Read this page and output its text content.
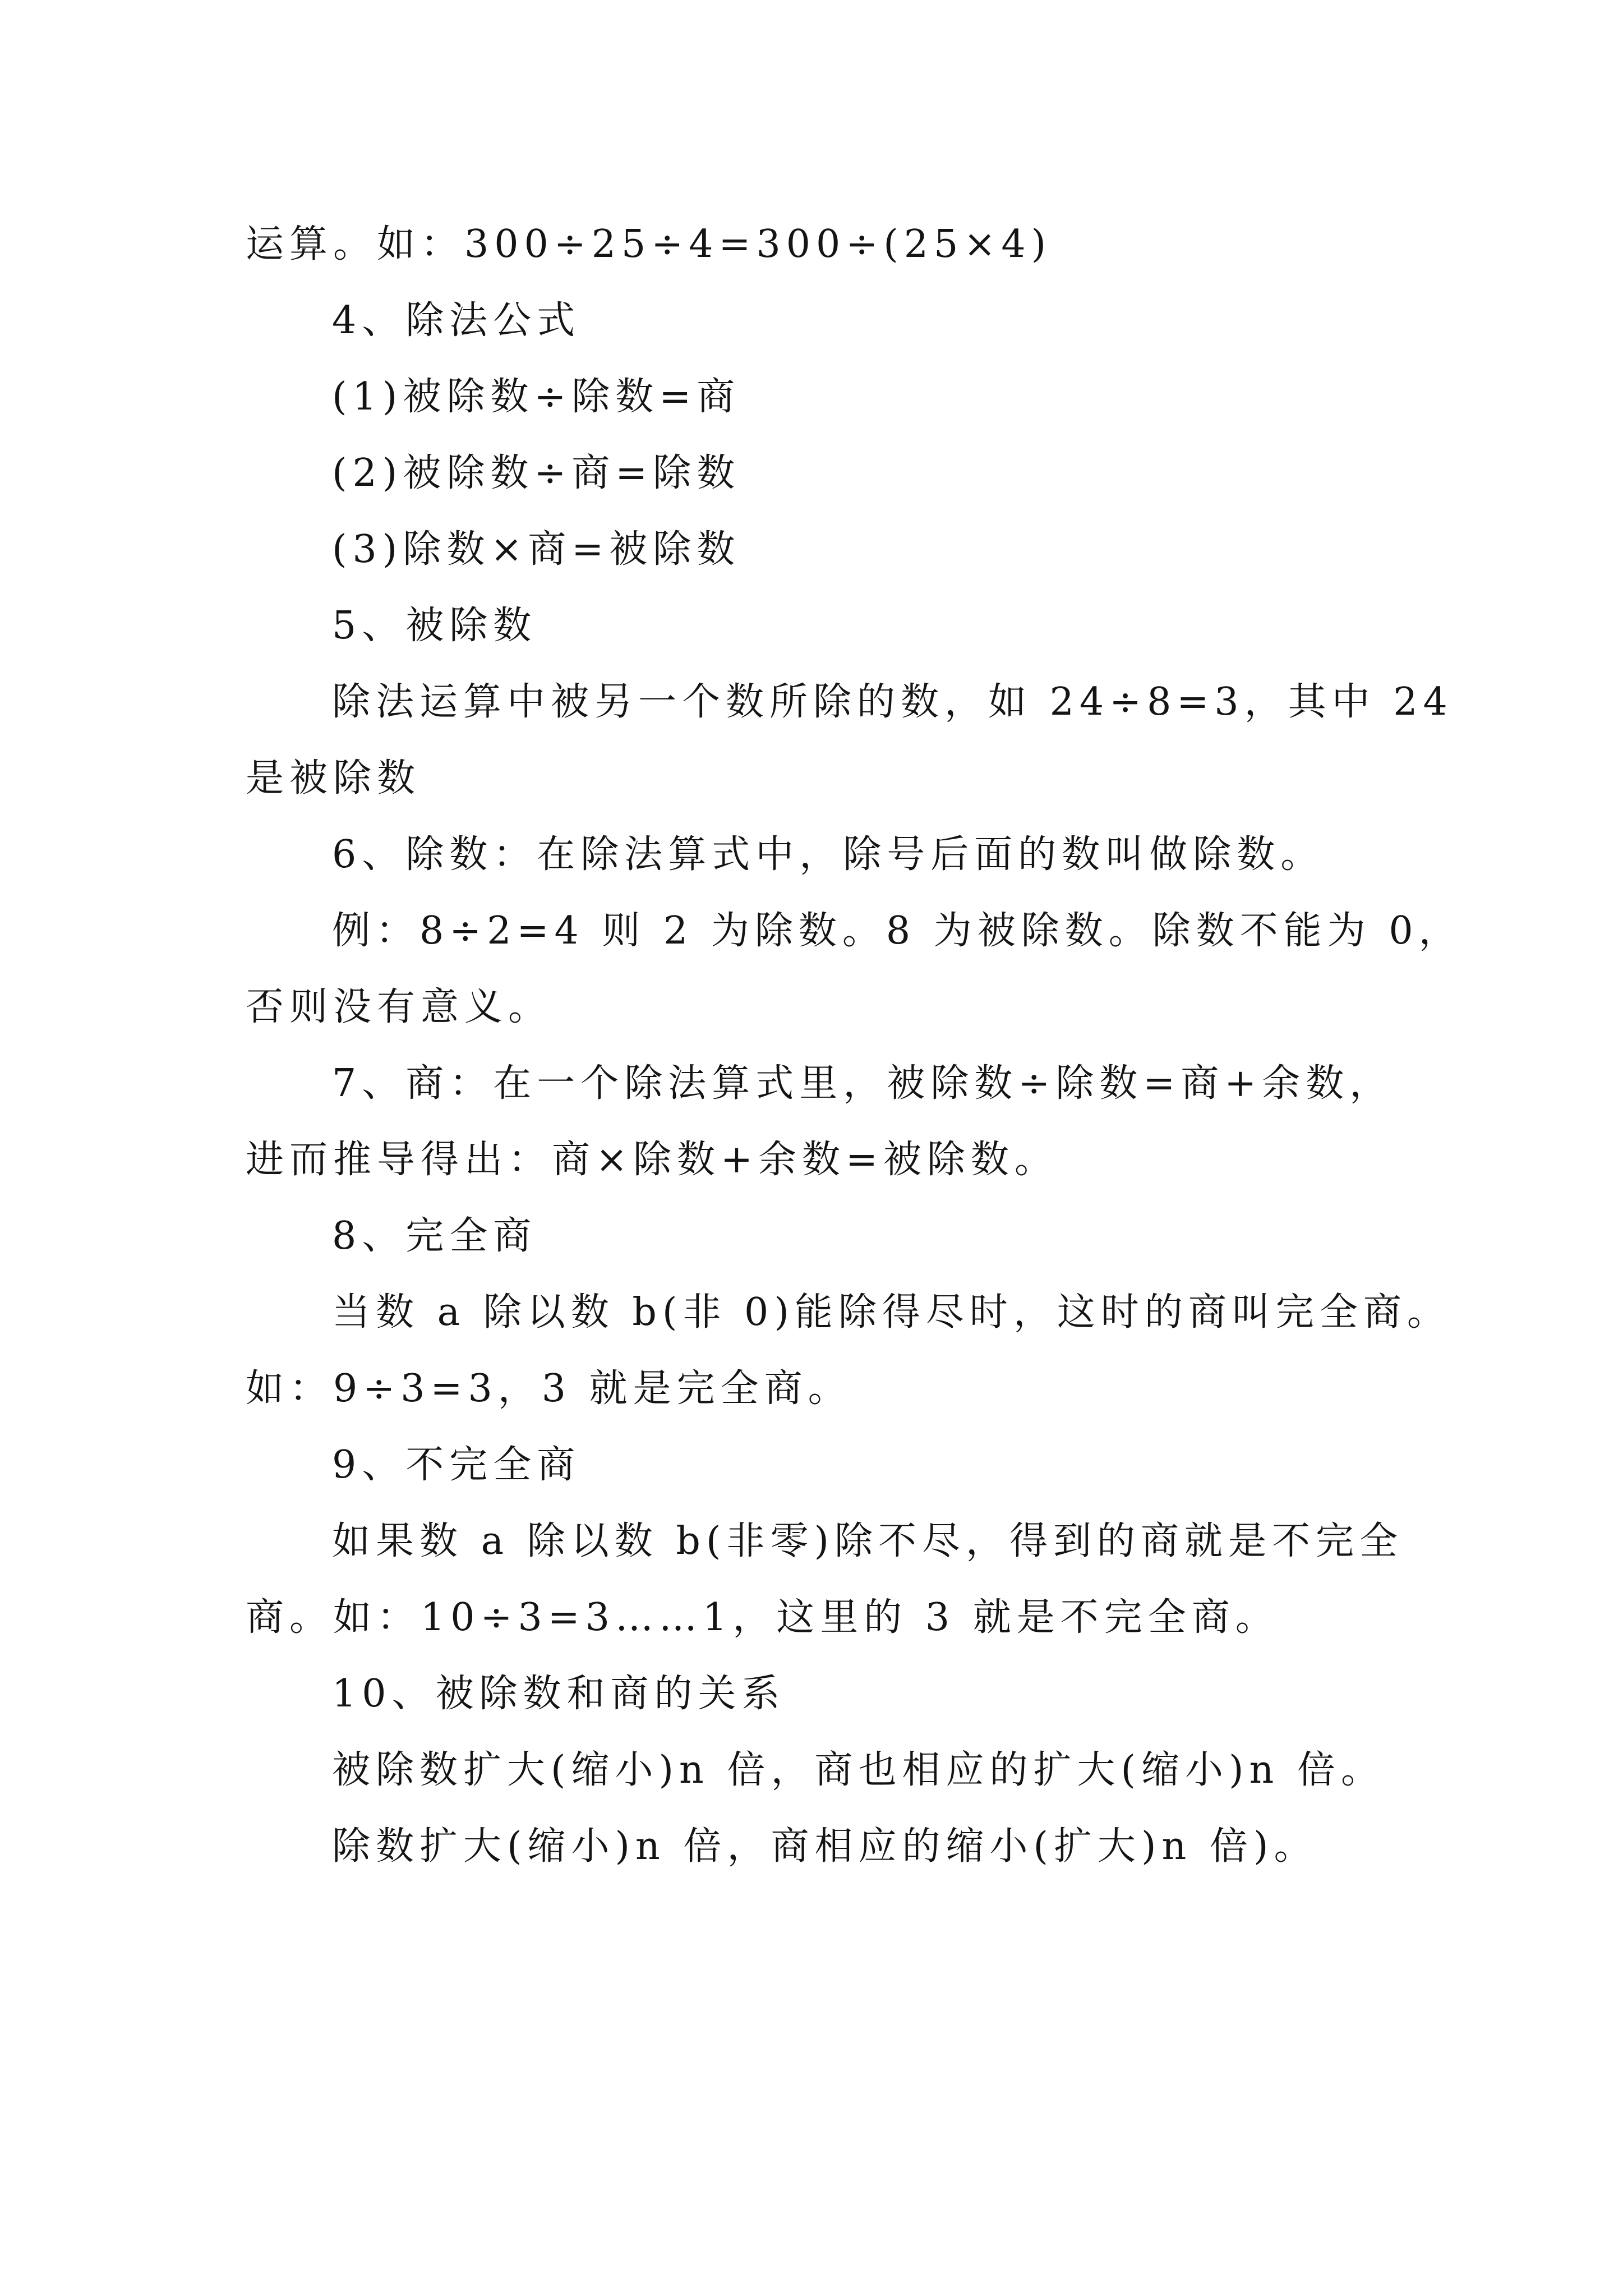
运算。如：300÷25÷4=300÷(25×4)

4、除法公式

(1)被除数÷除数=商

(2)被除数÷商=除数

(3)除数×商=被除数

5、被除数

除法运算中被另一个数所除的数，如 24÷8=3，其中 24

是被除数

6、除数：在除法算式中，除号后面的数叫做除数。

例：8÷2=4 则 2 为除数。8 为被除数。除数不能为 0，

否则没有意义。

7、商：在一个除法算式里，被除数÷除数=商+余数，

进而推导得出：商×除数+余数=被除数。

8、完全商

当数 a 除以数 b(非 0)能除得尽时，这时的商叫完全商。

如：9÷3=3，3 就是完全商。

9、不完全商

如果数 a 除以数 b(非零)除不尽，得到的商就是不完全

商。如：10÷3=3……1，这里的 3 就是不完全商。

10、被除数和商的关系

被除数扩大(缩小)n 倍，商也相应的扩大(缩小)n 倍。

除数扩大(缩小)n 倍，商相应的缩小(扩大)n 倍)。
